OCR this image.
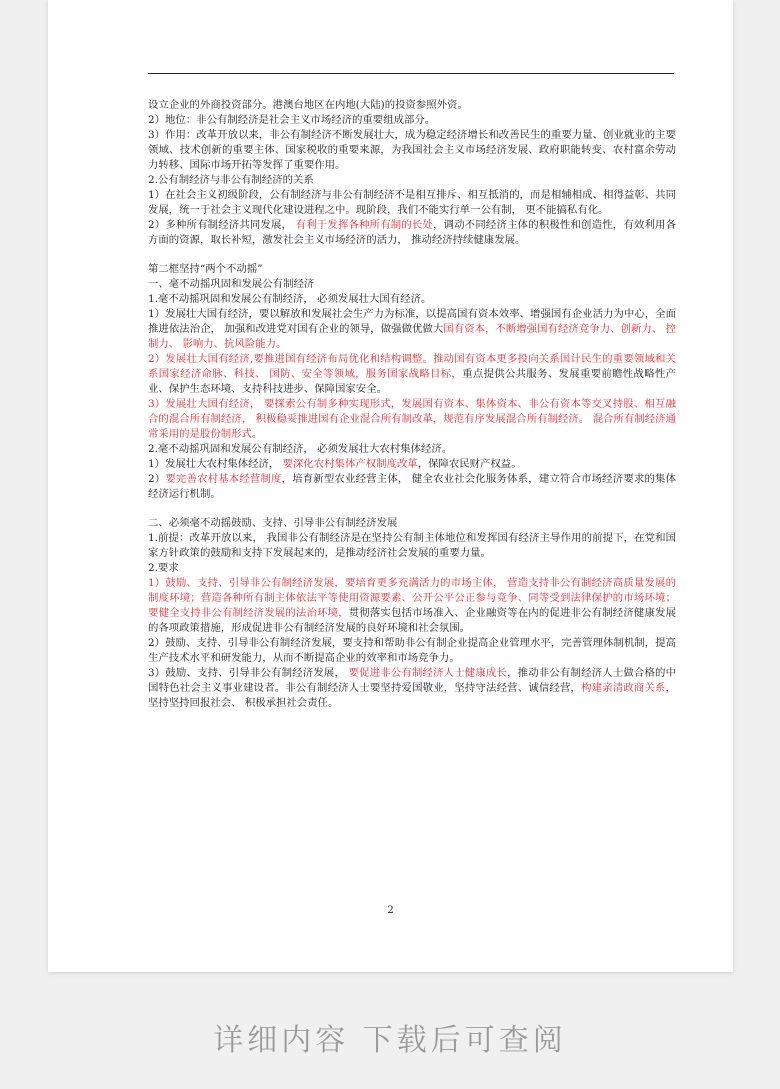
设立企业的外商投资部分。港澳台地区在内地(大陆)的投资参照外资。

2）地位：非公有制经济是社会主义市场经济的重要组成部分。

3）作用：改革开放以来，非公有制经济不断发展壮大，成为稳定经济增长和改善民生的重要力量、创业就业的主要领域、技术创新的重要主体、国家税收的重要来源，为我国社会主义市场经济发展、政府职能转变、农村富余劳动力转移、国际市场开拓等发挥了重要作用。

2.公有制经济与非公有制经济的关系

1）在社会主义初级阶段，公有制经济与非公有制经济不是相互排斥、相互抵消的，而是相辅相成、相得益彰、共同发展，统一于社会主义现代化建设进程之中。现阶段，我们不能实行单一公有制， 更不能搞私有化。

2）多种所有制经济共同发展， 有利于发挥各种所有制的长处，调动不同经济主体的积极性和创造性，有效利用各方面的资源，取长补短，激发社会主义市场经济的活力， 推动经济持续健康发展。

第二框坚持“两个不动摇”

一、毫不动摇巩固和发展公有制经济

1.毫不动摇巩固和发展公有制经济， 必须发展壮大国有经济。

1）发展壮大国有经济，要以解放和发展社会生产力为标准，以提高国有资本效率、增强国有企业活力为中心，全面推进依法治企， 加强和改进党对国有企业的领导，做强做优做大国有资本，不断增强国有经济竞争力、创新力、 控制力、 影响力、抗风险能力。

2）发展壮大国有经济,要推进国有经济布局优化和结构调整。推动国有资本更多投向关系国计民生的重要领域和关系国家经济命脉、科技、 国防、安全等领域，服务国家战略目标，重点提供公共服务、发展重要前瞻性战略性产业、保护生态环境、支持科技进步、保障国家安全。

3）发展壮大国有经济， 要探索公有制多种实现形式，发展国有资本、集体资本、非公有资本等交叉持股、相互融合的混合所有制经济， 积极稳妥推进国有企业混合所有制改革，规范有序发展混合所有制经济。 混合所有制经济通常采用的是股份制形式。

2.毫不动摇巩固和发展公有制经济， 必须发展壮大农村集体经济。

1）发展壮大农村集体经济， 要深化农村集体产权制度改革，保障农民财产权益。

2）要完善农村基本经营制度，培育新型农业经营主体， 健全农业社会化服务体系，建立符合市场经济要求的集体经济运行机制。

二、必须毫不动摇鼓励、支持、引导非公有制经济发展

1.前提：改革开放以来， 我国非公有制经济是在坚持公有制主体地位和发挥国有经济主导作用的前提下，在党和国家方针政策的鼓励和支持下发展起来的，是推动经济社会发展的重要力量。

2.要求

1）鼓励、支持、引导非公有制经济发展，要培育更多充满活力的市场主体， 营造支持非公有制经济高质量发展的制度环境；营造各种所有制主体依法平等使用资源要素、公开公平公正参与竞争、同等受到法律保护的市场环境； 要健全支持非公有制经济发展的法治环境，贯彻落实包括市场准入、企业融资等在内的促进非公有制经济健康发展的各项政策措施，形成促进非公有制经济发展的良好环境和社会氛围。

2）鼓励、支持、引导非公有制经济发展，要支持和帮助非公有制企业提高企业管理水平，完善管理体制机制，提高生产技术水平和研发能力，从而不断提高企业的效率和市场竞争力。

3）鼓励、支持、引导非公有制经济发展， 要促进非公有制经济人士健康成长，推动非公有制经济人士做合格的中国特色社会主义事业建设者。非公有制经济人士要坚持爱国敬业，坚持守法经营、诚信经营，构建亲清政商关系， 坚持坚持回报社会、 积极承担社会责任。

2
详细内容 下载后可查阅
